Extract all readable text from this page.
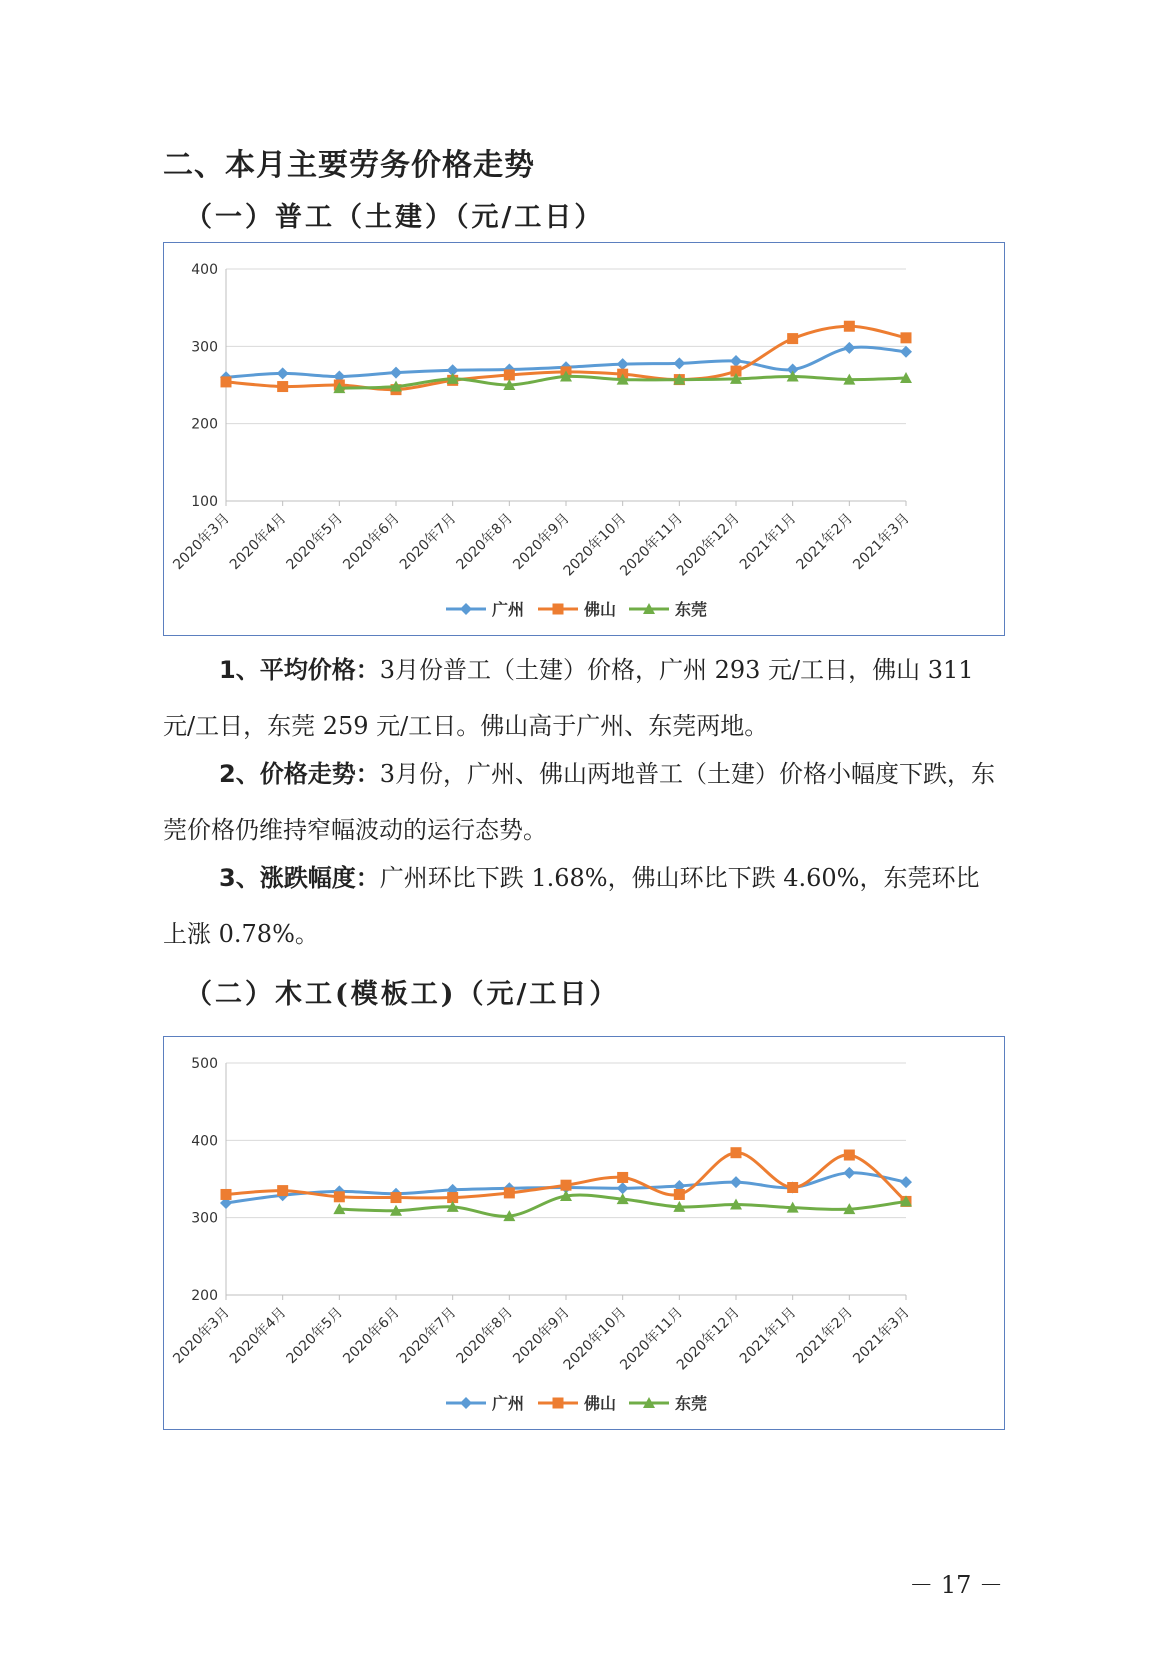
二、本月主要劳务价格走势
（一）普工（土建）（元/工日）
100
200
300
400
2020年3月
2020年4月
2020年5月
2020年6月
2020年7月
2020年8月
2020年9月
2020年10月
2020年11月
2020年12月
2021年1月
2021年2月
2021年3月
广州	佛山	东莞
1、平均价格：3月份普工（土建）价格，广州 293 元/工日，佛山 311 元/工日，东莞 259 元/工日。佛山高于广州、东莞两地。
2、价格走势：3月份，广州、佛山两地普工（土建）价格小幅度下跌，东莞价格仍维持窄幅波动的运行态势。
3、涨跌幅度：广州环比下跌 1.68%，佛山环比下跌 4.60%，东莞环比上涨 0.78%。
（二）木工(模板工)（元/工日）
200
300
400
500
2020年3月
2020年4月
2020年5月
2020年6月
2020年7月
2020年8月
2020年9月
2020年10月
2020年11月
2020年12月
2021年1月
2021年2月
2021年3月
广州	佛山	东莞
－ 17 －
